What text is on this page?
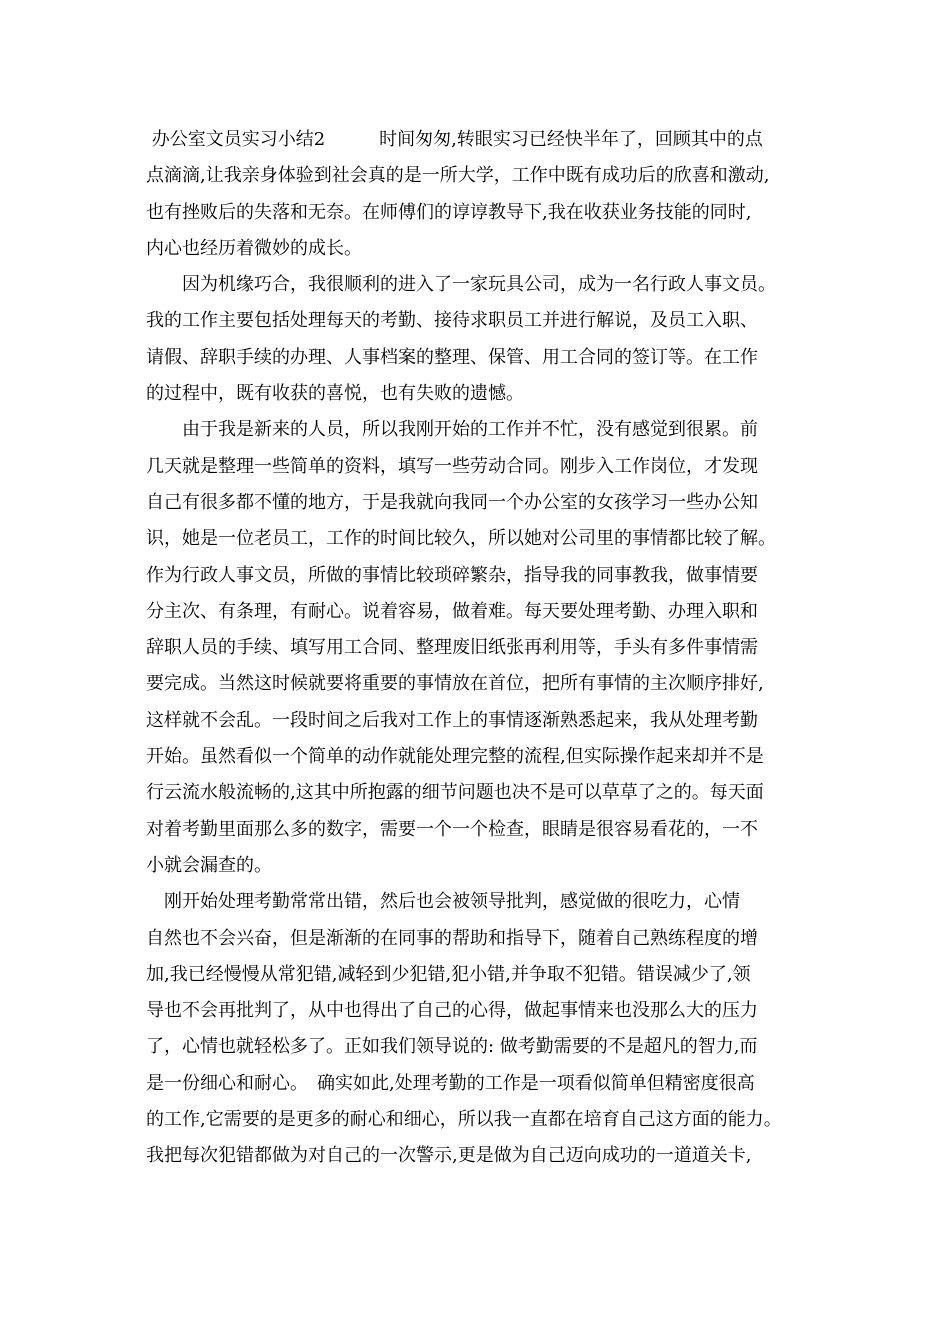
办公室文员实习小结2　　　时间匆匆,转眼实习已经快半年了，回顾其中的点
点滴滴,让我亲身体验到社会真的是一所大学，工作中既有成功后的欣喜和激动,
也有挫败后的失落和无奈。在师傅们的谆谆教导下,我在收获业务技能的同时,
内心也经历着微妙的成长。
　　因为机缘巧合，我很顺利的进入了一家玩具公司，成为一名行政人事文员。
我的工作主要包括处理每天的考勤、接待求职员工并进行解说，及员工入职、
请假、辞职手续的办理、人事档案的整理、保管、用工合同的签订等。在工作
的过程中，既有收获的喜悦，也有失败的遗憾。
　　由于我是新来的人员，所以我刚开始的工作并不忙，没有感觉到很累。前
几天就是整理一些简单的资料，填写一些劳动合同。刚步入工作岗位，才发现
自己有很多都不懂的地方，于是我就向我同一个办公室的女孩学习一些办公知
识，她是一位老员工，工作的时间比较久，所以她对公司里的事情都比较了解。
作为行政人事文员，所做的事情比较琐碎繁杂，指导我的同事教我，做事情要
分主次、有条理，有耐心。说着容易，做着难。每天要处理考勤、办理入职和
辞职人员的手续、填写用工合同、整理废旧纸张再利用等，手头有多件事情需
要完成。当然这时候就要将重要的事情放在首位，把所有事情的主次顺序排好,
这样就不会乱。一段时间之后我对工作上的事情逐渐熟悉起来，我从处理考勤
开始。虽然看似一个简单的动作就能处理完整的流程,但实际操作起来却并不是
行云流水般流畅的,这其中所抱露的细节问题也决不是可以草草了之的。每天面
对着考勤里面那么多的数字，需要一个一个检查，眼睛是很容易看花的，一不
小就会漏查的。
　刚开始处理考勤常常出错，然后也会被领导批判，感觉做的很吃力，心情
自然也不会兴奋，但是渐渐的在同事的帮助和指导下，随着自己熟练程度的增
加,我已经慢慢从常犯错,减轻到少犯错,犯小错,并争取不犯错。错误减少了,领
导也不会再批判了，从中也得出了自己的心得，做起事情来也没那么大的压力
了，心情也就轻松多了。正如我们领导说的: 做考勤需要的不是超凡的智力,而
是一份细心和耐心。　确实如此,处理考勤的工作是一项看似简单但精密度很高
的工作,它需要的是更多的耐心和细心，所以我一直都在培育自己这方面的能力。
我把每次犯错都做为对自己的一次警示,更是做为自己迈向成功的一道道关卡,
